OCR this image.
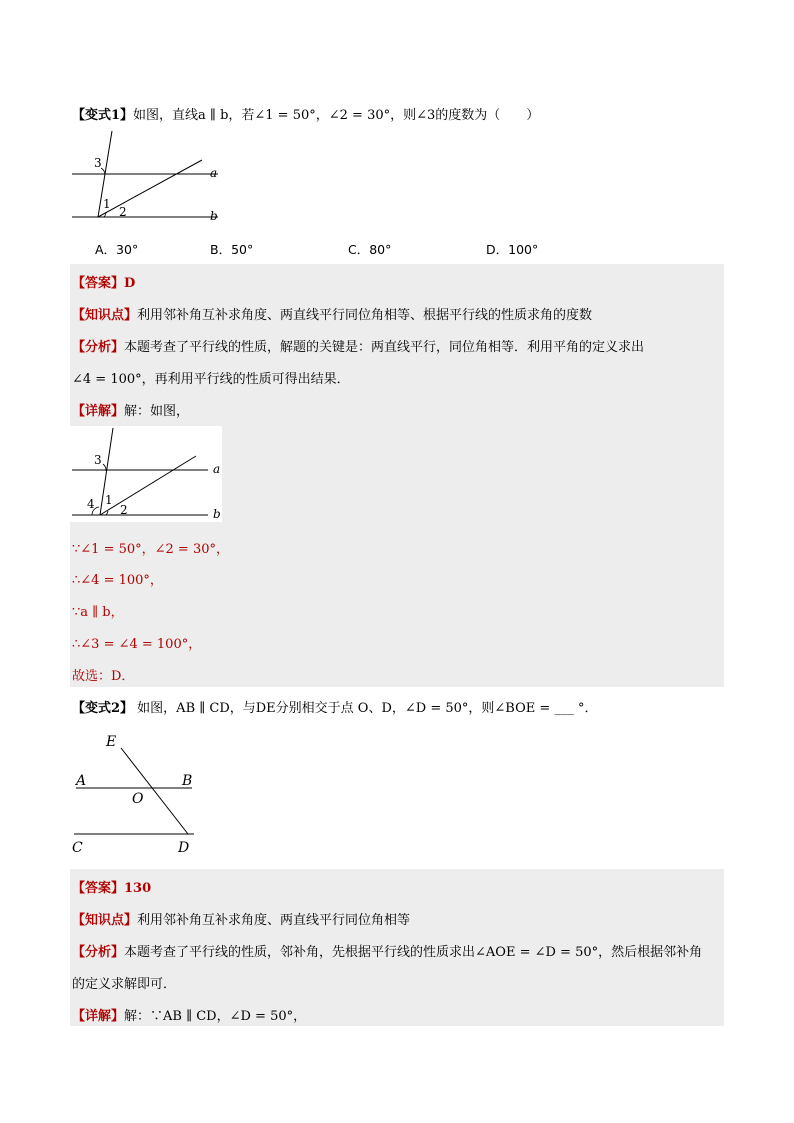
【变式1】如图，直线a ∥ b，若∠1 = 50°，∠2 = 30°，则∠3的度数为（　　）
3
1
2
a
b
A．30°	B．50°	C．80°	D．100°
【答案】D
【知识点】利用邻补角互补求角度、两直线平行同位角相等、根据平行线的性质求角的度数
【分析】本题考查了平行线的性质，解题的关键是：两直线平行，同位角相等．利用平角的定义求出
∠4 = 100°，再利用平行线的性质可得出结果．
【详解】解：如图，
3
4 1
2
a
b
∵∠1 = 50°，∠2 = 30°，
∴∠4 = 100°，
∵a ∥ b，
∴∠3 = ∠4 = 100°，
故选：D．
【变式2】 如图，AB ∥ CD，与DE分别相交于点 O、D，∠D = 50°，则∠BOE = ___ °．
E
A	B
O
C	D
【答案】130
【知识点】利用邻补角互补求角度、两直线平行同位角相等
【分析】本题考查了平行线的性质，邻补角，先根据平行线的性质求出∠AOE = ∠D = 50°，然后根据邻补角
的定义求解即可．
【详解】解：∵AB ∥ CD，∠D = 50°，
